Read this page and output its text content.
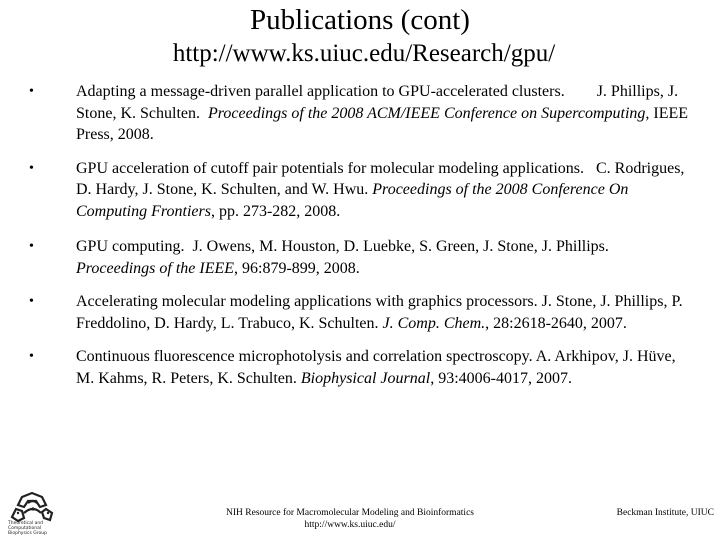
Publications (cont)
http://www.ks.uiuc.edu/Research/gpu/
•	Adapting a message-driven parallel application to GPU-accelerated clusters. J. Phillips, J. Stone, K. Schulten. Proceedings of the 2008 ACM/IEEE Conference on Supercomputing, IEEE Press, 2008.
•	GPU acceleration of cutoff pair potentials for molecular modeling applications. C. Rodrigues, D. Hardy, J. Stone, K. Schulten, and W. Hwu. Proceedings of the 2008 Conference On Computing Frontiers, pp. 273-282, 2008.
•	GPU computing. J. Owens, M. Houston, D. Luebke, S. Green, J. Stone, J. Phillips. Proceedings of the IEEE, 96:879-899, 2008.
•	Accelerating molecular modeling applications with graphics processors. J. Stone, J. Phillips, P. Freddolino, D. Hardy, L. Trabuco, K. Schulten. J. Comp. Chem., 28:2618-2640, 2007.
•	Continuous fluorescence microphotolysis and correlation spectroscopy. A. Arkhipov, J. Hüve, M. Kahms, R. Peters, K. Schulten. Biophysical Journal, 93:4006-4017, 2007.
Theoretical and Computational Biophysics Group
NIH Resource for Macromolecular Modeling and Bioinformatics
http://www.ks.uiuc.edu/
Beckman Institute, UIUC
